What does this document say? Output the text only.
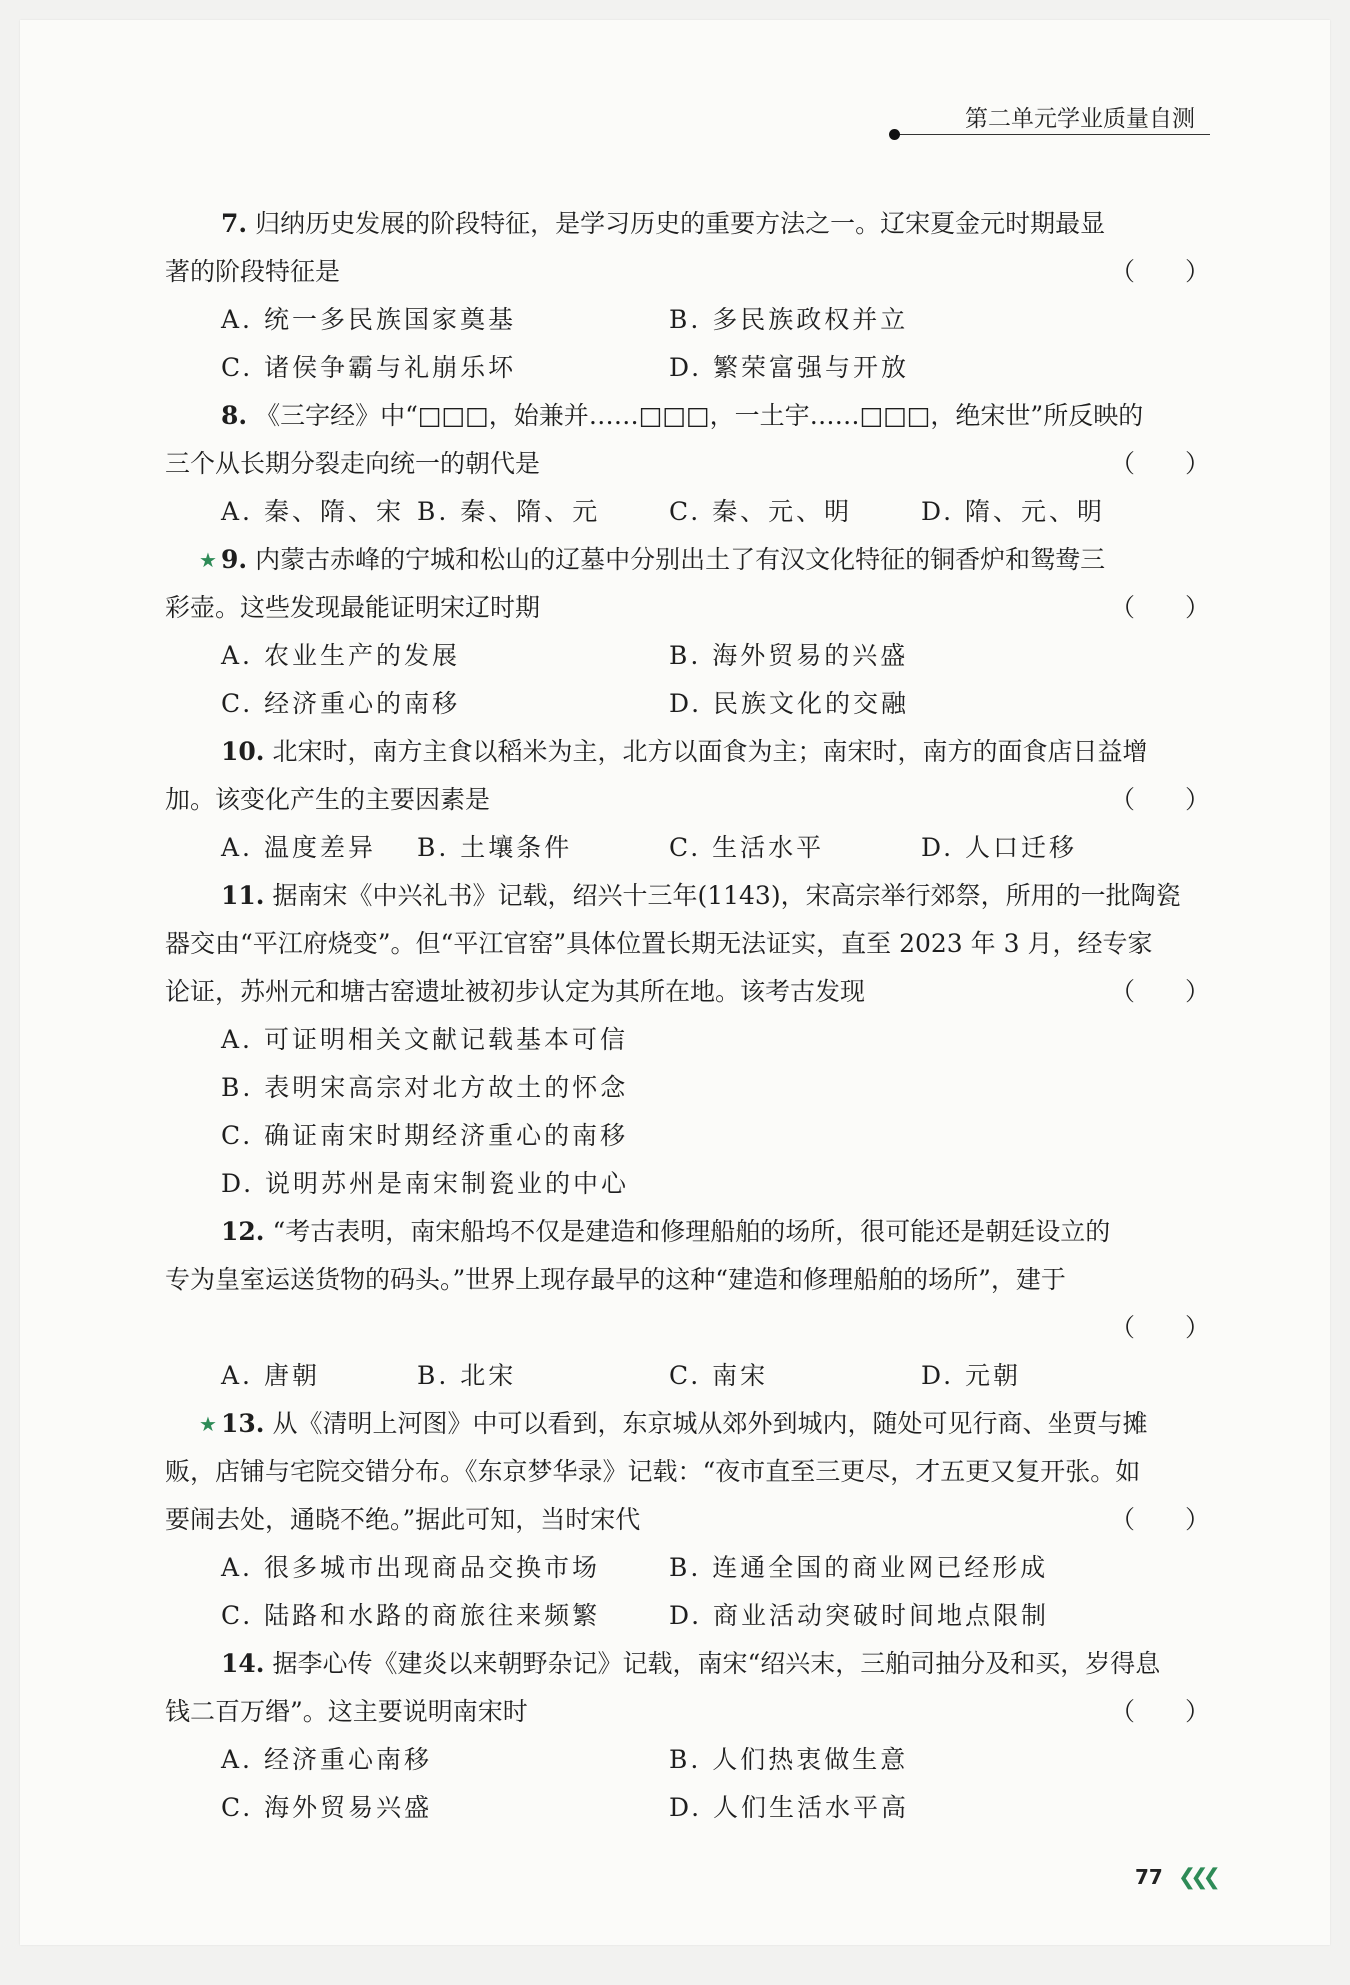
第二单元学业质量自测
7. 归纳历史发展的阶段特征，是学习历史的重要方法之一。辽宋夏金元时期最显
著的阶段特征是	（　　）
A. 统一多民族国家奠基	B. 多民族政权并立
C. 诸侯争霸与礼崩乐坏	D. 繁荣富强与开放
8. 《三字经》中“□□□，始兼并……□□□，一土宇……□□□，绝宋世”所反映的
三个从长期分裂走向统一的朝代是	（　　）
A. 秦、隋、宋 B. 秦、隋、元	C. 秦、元、明	D. 隋、元、明
★ 9. 内蒙古赤峰的宁城和松山的辽墓中分别出土了有汉文化特征的铜香炉和鸳鸯三
彩壶。这些发现最能证明宋辽时期	（　　）
A. 农业生产的发展	B. 海外贸易的兴盛
C. 经济重心的南移	D. 民族文化的交融
10. 北宋时，南方主食以稻米为主，北方以面食为主；南宋时，南方的面食店日益增
加。该变化产生的主要因素是	（　　）
A. 温度差异	B. 土壤条件	C. 生活水平	D. 人口迁移
11. 据南宋《中兴礼书》记载，绍兴十三年(1143)，宋高宗举行郊祭，所用的一批陶瓷
器交由“平江府烧变”。但“平江官窑”具体位置长期无法证实，直至 2023 年 3 月，经专家
论证，苏州元和塘古窑遗址被初步认定为其所在地。该考古发现	（　　）
A. 可证明相关文献记载基本可信
B. 表明宋高宗对北方故土的怀念
C. 确证南宋时期经济重心的南移
D. 说明苏州是南宋制瓷业的中心
12. “考古表明，南宋船坞不仅是建造和修理船舶的场所，很可能还是朝廷设立的
专为皇室运送货物的码头。”世界上现存最早的这种“建造和修理船舶的场所”，建于
（　　）
A. 唐朝	B. 北宋	C. 南宋	D. 元朝
★ 13. 从《清明上河图》中可以看到，东京城从郊外到城内，随处可见行商、坐贾与摊
贩，店铺与宅院交错分布。《东京梦华录》记载：“夜市直至三更尽，才五更又复开张。如
要闹去处，通晓不绝。”据此可知，当时宋代	（　　）
A. 很多城市出现商品交换市场	B. 连通全国的商业网已经形成
C. 陆路和水路的商旅往来频繁	D. 商业活动突破时间地点限制
14. 据李心传《建炎以来朝野杂记》记载，南宋“绍兴末，三舶司抽分及和买，岁得息
钱二百万缗”。这主要说明南宋时	（　　）
A. 经济重心南移	B. 人们热衷做生意
C. 海外贸易兴盛	D. 人们生活水平高
77 ❮❮❮
